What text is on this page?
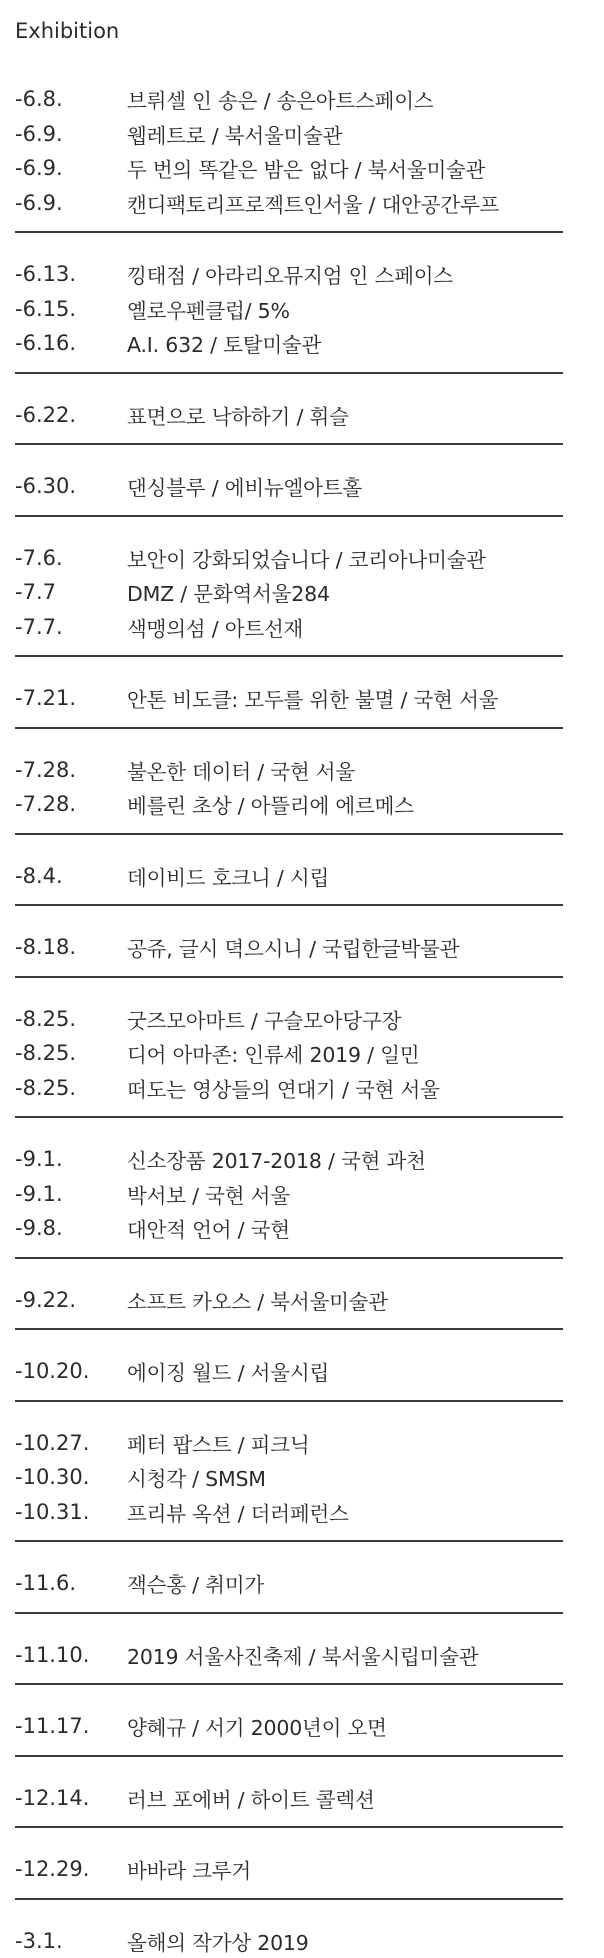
Exhibition
-6.8.	브뤼셀 인 송은 / 송은아트스페이스
-6.9.	웹레트로 / 북서울미술관
-6.9.	두 번의 똑같은 밤은 없다 / 북서울미술관
-6.9.	캔디팩토리프로젝트인서울 / 대안공간루프
-6.13.	낑태점 / 아라리오뮤지엄 인 스페이스
-6.15.	옐로우펜클럽/ 5%
-6.16.	A.I. 632 / 토탈미술관
-6.22.	표면으로 낙하하기 / 휘슬
-6.30.	댄싱블루 / 에비뉴엘아트홀
-7.6.	보안이 강화되었습니다 / 코리아나미술관
-7.7	DMZ / 문화역서울284
-7.7.	색맹의섬 / 아트선재
-7.21.	안톤 비도클: 모두를 위한 불멸 / 국현 서울
-7.28.	불온한 데이터 / 국현 서울
-7.28.	베를린 초상 / 아뜰리에 에르메스
-8.4.	데이비드 호크니 / 시립
-8.18.	공쥬, 글시 뎍으시니 / 국립한글박물관
-8.25.	굿즈모아마트 / 구슬모아당구장
-8.25.	디어 아마존: 인류세 2019 / 일민
-8.25.	떠도는 영상들의 연대기 / 국현 서울
-9.1.	신소장품 2017-2018 / 국현 과천
-9.1.	박서보 / 국현 서울
-9.8.	대안적 언어 / 국현
-9.22.	소프트 카오스 / 북서울미술관
-10.20.	에이징 월드 / 서울시립
-10.27.	페터 팝스트 / 피크닉
-10.30.	시청각 / SMSM
-10.31.	프리뷰 옥션 / 더러페런스
-11.6.	잭슨홍 / 취미가
-11.10.	2019 서울사진축제 / 북서울시립미술관
-11.17.	양혜규 / 서기 2000년이 오면
-12.14.	러브 포에버 / 하이트 콜렉션
-12.29.	바바라 크루거
-3.1.	올해의 작가상 2019
